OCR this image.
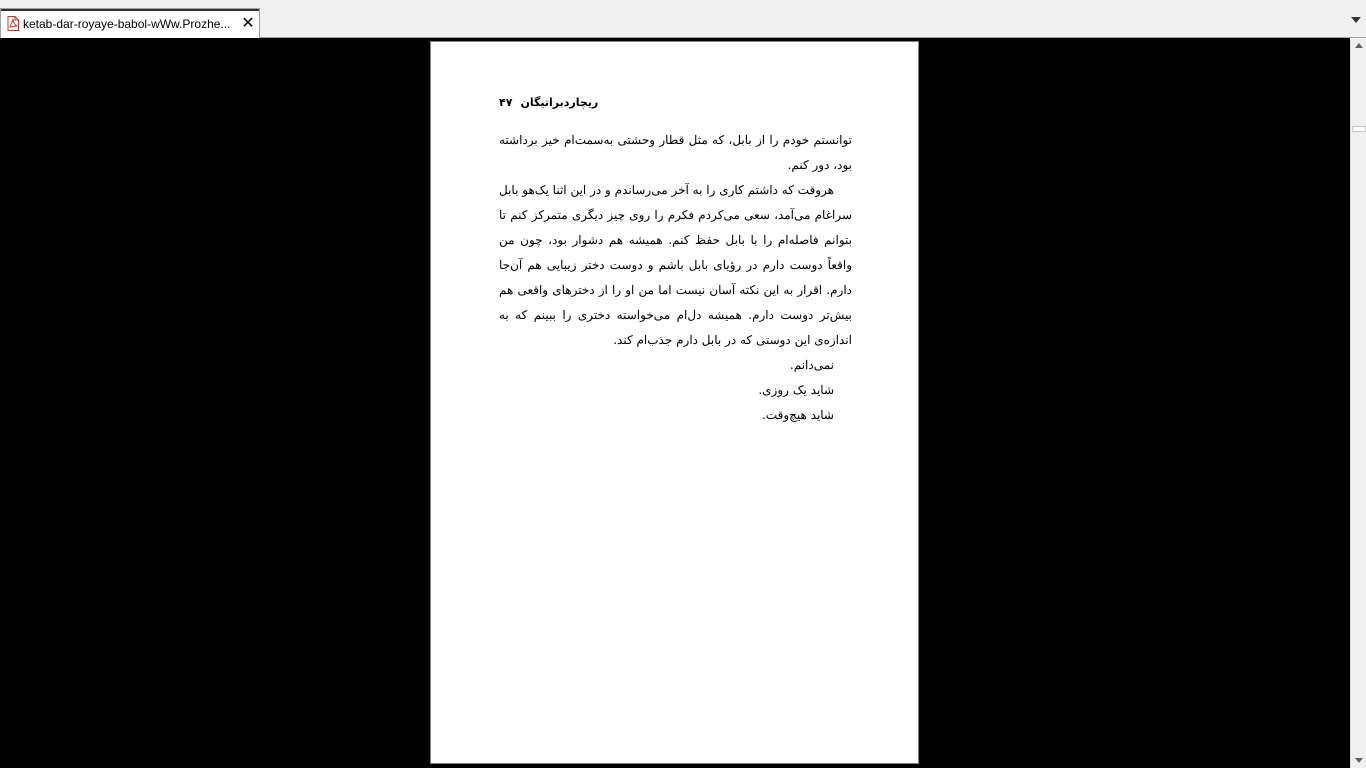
ketab-dar-royaye-babol-wWw.Prozhe... ✕
ریچاردبراتیگان۴۷

توانستم خودم را از بابل، که مثل قطار وحشتی به‌سمت‌ام خیز برداشته بود، دور کنم.

هروقت که داشتم کاری را به آخر می‌رساندم و در این اثنا یک‌هو بابل سراغام می‌آمد، سعی می‌کردم فکرم را روی چیز دیگری متمرکز کنم تا بتوانم فاصله‌ام را با بابل حفظ کنم. همیشه هم دشوار بود، چون من واقعاً دوست دارم در رؤیای بابل باشم و دوست دختر زیبایی هم آن‌جا دارم. اقرار به این نکته آسان نیست اما من او را از دخترهای واقعی هم بیش‌تر دوست دارم. همیشه دل‌ام می‌خواسته دختری را ببینم که به اندازه‌ی این دوستی که در بابل دارم جذب‌ام کند.

نمی‌دانم.

شاید یک روزی.

شاید هیچ‌وقت.
